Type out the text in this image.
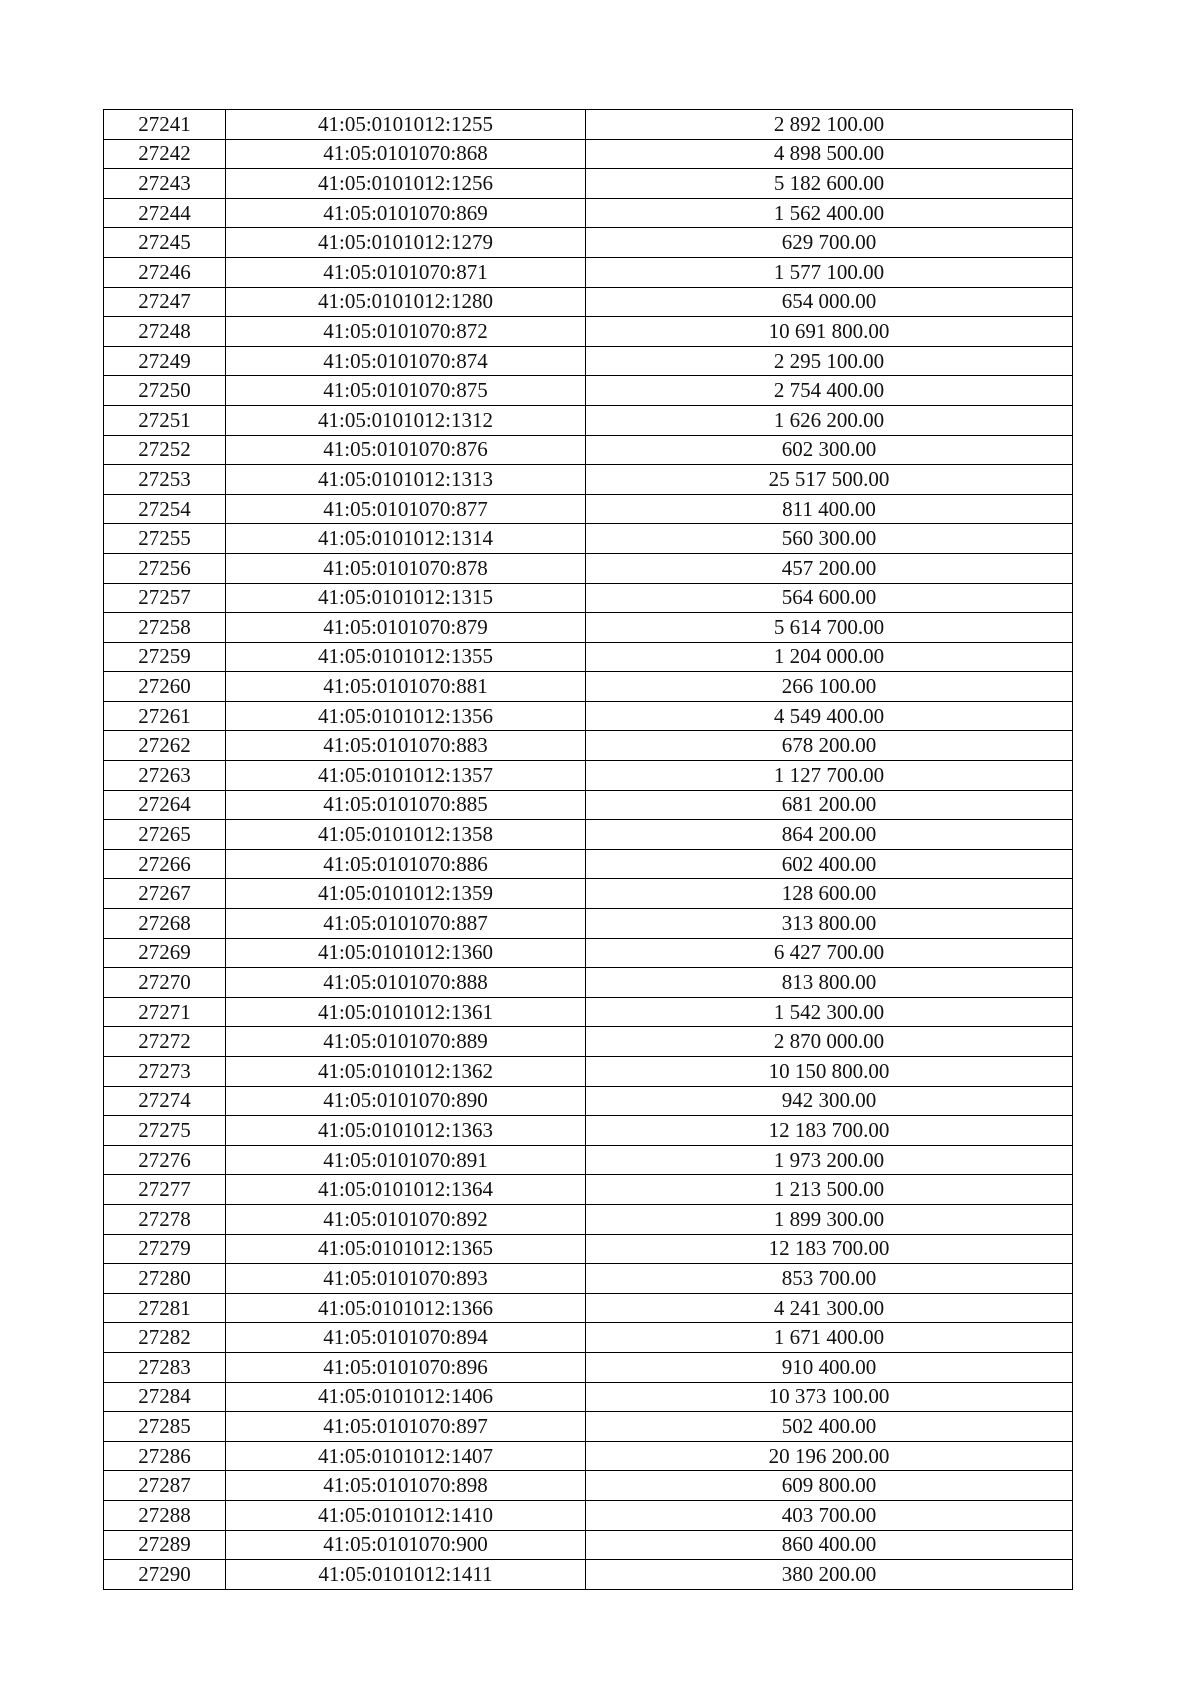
27241	41:05:0101012:1255	2 892 100.00
27242	41:05:0101070:868	4 898 500.00
27243	41:05:0101012:1256	5 182 600.00
27244	41:05:0101070:869	1 562 400.00
27245	41:05:0101012:1279	629 700.00
27246	41:05:0101070:871	1 577 100.00
27247	41:05:0101012:1280	654 000.00
27248	41:05:0101070:872	10 691 800.00
27249	41:05:0101070:874	2 295 100.00
27250	41:05:0101070:875	2 754 400.00
27251	41:05:0101012:1312	1 626 200.00
27252	41:05:0101070:876	602 300.00
27253	41:05:0101012:1313	25 517 500.00
27254	41:05:0101070:877	811 400.00
27255	41:05:0101012:1314	560 300.00
27256	41:05:0101070:878	457 200.00
27257	41:05:0101012:1315	564 600.00
27258	41:05:0101070:879	5 614 700.00
27259	41:05:0101012:1355	1 204 000.00
27260	41:05:0101070:881	266 100.00
27261	41:05:0101012:1356	4 549 400.00
27262	41:05:0101070:883	678 200.00
27263	41:05:0101012:1357	1 127 700.00
27264	41:05:0101070:885	681 200.00
27265	41:05:0101012:1358	864 200.00
27266	41:05:0101070:886	602 400.00
27267	41:05:0101012:1359	128 600.00
27268	41:05:0101070:887	313 800.00
27269	41:05:0101012:1360	6 427 700.00
27270	41:05:0101070:888	813 800.00
27271	41:05:0101012:1361	1 542 300.00
27272	41:05:0101070:889	2 870 000.00
27273	41:05:0101012:1362	10 150 800.00
27274	41:05:0101070:890	942 300.00
27275	41:05:0101012:1363	12 183 700.00
27276	41:05:0101070:891	1 973 200.00
27277	41:05:0101012:1364	1 213 500.00
27278	41:05:0101070:892	1 899 300.00
27279	41:05:0101012:1365	12 183 700.00
27280	41:05:0101070:893	853 700.00
27281	41:05:0101012:1366	4 241 300.00
27282	41:05:0101070:894	1 671 400.00
27283	41:05:0101070:896	910 400.00
27284	41:05:0101012:1406	10 373 100.00
27285	41:05:0101070:897	502 400.00
27286	41:05:0101012:1407	20 196 200.00
27287	41:05:0101070:898	609 800.00
27288	41:05:0101012:1410	403 700.00
27289	41:05:0101070:900	860 400.00
27290	41:05:0101012:1411	380 200.00
